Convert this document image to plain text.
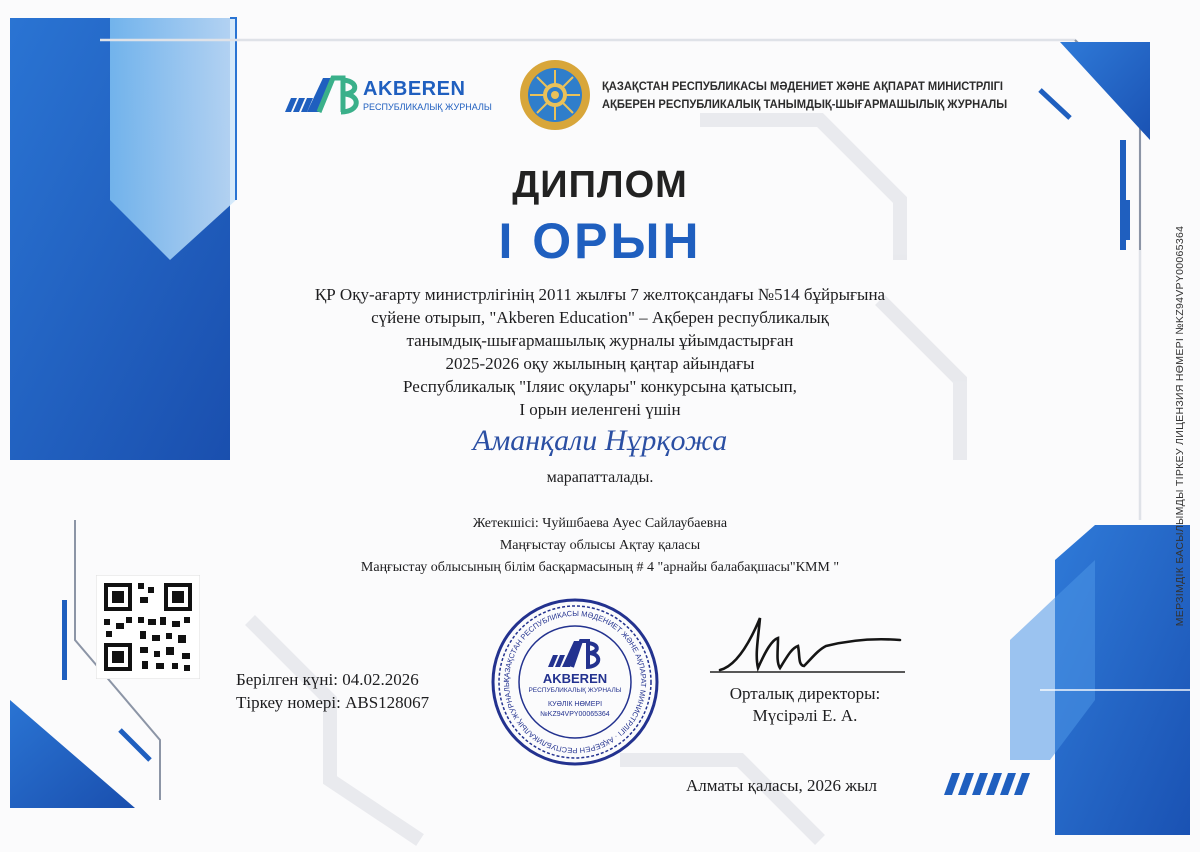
AKBEREN
РЕСПУБЛИКАЛЫҚ ЖУРНАЛЫ
ҚАЗАҚСТАН РЕСПУБЛИКАСЫ МӘДЕНИЕТ ЖӘНЕ АҚПАРАТ МИНИСТРЛІГІ
АҚБЕРЕН РЕСПУБЛИКАЛЫҚ ТАНЫМДЫҚ-ШЫҒАРМАШЫЛЫҚ ЖУРНАЛЫ
ДИПЛОМ
I ОРЫН
ҚР Оқу-ағарту министрлігінің 2011 жылғы 7 желтоқсандағы №514 бұйрығына
сүйене отырып, "Akberen Education" – Ақберен республикалық
танымдық-шығармашылық журналы ұйымдастырған
2025-2026 оқу жылының қаңтар айындағы
Республикалық "Іляис оқулары" конкурсына қатысып,
I орын иеленгені үшін
Аманқали Нұрқожа
марапатталады.
Жетекшісі: Чуйшбаева Ауес Сайлаубаевна
Маңғыстау облысы Ақтау қаласы
Маңғыстау облысының білім басқармасының # 4 "арнайы балабақшасы"КММ "
Берілген күні: 04.02.2026
Тіркеу номері: ABS128067
ҚАЗАҚСТАН РЕСПУБЛИКАСЫ МӘДЕНИЕТ ЖӘНЕ АҚПАРАТ МИНИСТРЛІГІ · АҚБЕРЕН РЕСПУБЛИКАЛЫҚ ЖУРНАЛЫ	AKBEREN
РЕСПУБЛИКАЛЫҚ ЖУРНАЛЫ
КУӘЛІК НӨМЕРІ
№KZ94VPY00065364
Орталық директоры:
Мүсірәлі Е. А.
Алматы қаласы, 2026 жыл
МЕРЗІМДІК БАСЫЛЫМДЫ ТІРКЕУ ЛИЦЕНЗИЯ НӨМЕРІ №KZ94VPY00065364
